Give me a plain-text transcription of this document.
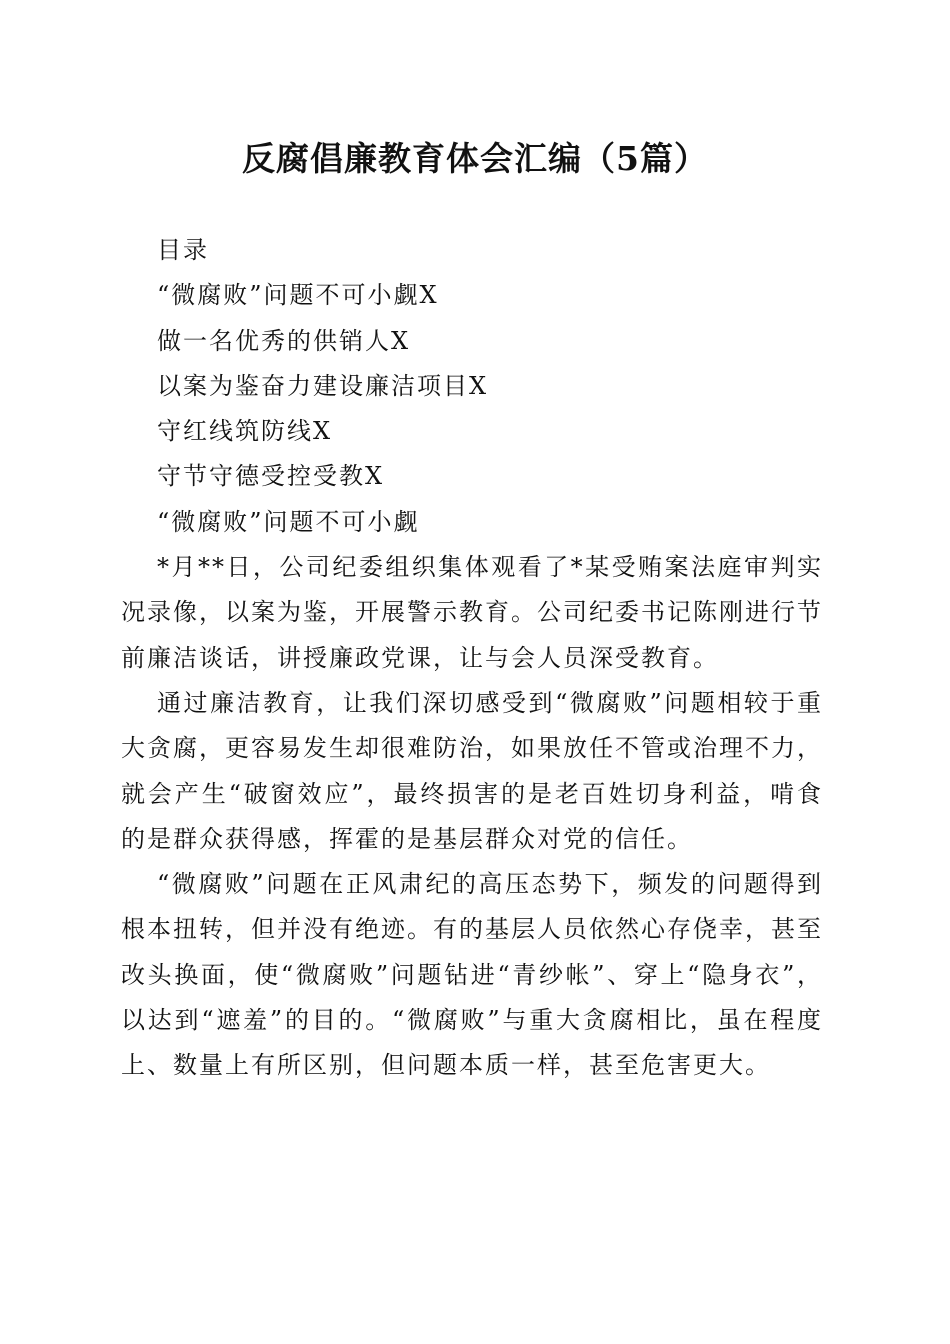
反腐倡廉教育体会汇编（5篇）

目录

“微腐败”问题不可小觑X

做一名优秀的供销人X

以案为鉴奋力建设廉洁项目X

守红线筑防线X

守节守德受控受教X

“微腐败”问题不可小觑

*月**日，公司纪委组织集体观看了*某受贿案法庭审判实况录像，以案为鉴，开展警示教育。公司纪委书记陈刚进行节前廉洁谈话，讲授廉政党课，让与会人员深受教育。

通过廉洁教育，让我们深切感受到“微腐败”问题相较于重大贪腐，更容易发生却很难防治，如果放任不管或治理不力，就会产生“破窗效应”，最终损害的是老百姓切身利益，啃食的是群众获得感，挥霍的是基层群众对党的信任。

“微腐败”问题在正风肃纪的高压态势下，频发的问题得到根本扭转，但并没有绝迹。有的基层人员依然心存侥幸，甚至改头换面，使“微腐败”问题钻进“青纱帐”、穿上“隐身衣”，以达到“遮羞”的目的。“微腐败”与重大贪腐相比，虽在程度上、数量上有所区别，但问题本质一样，甚至危害更大。
